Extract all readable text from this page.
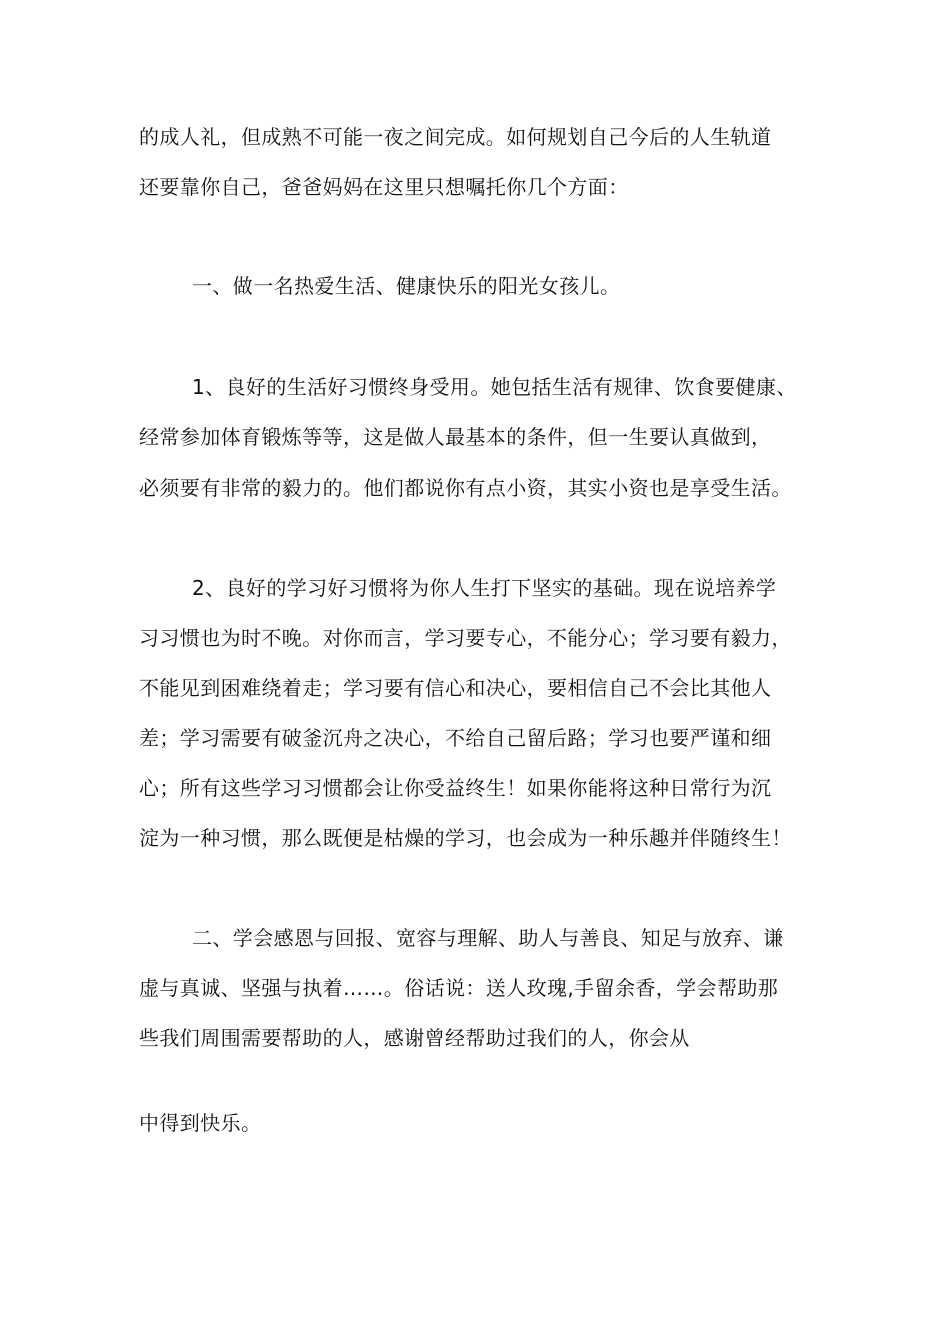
的成人礼，但成熟不可能一夜之间完成。如何规划自己今后的人生轨道
还要靠你自己，爸爸妈妈在这里只想嘱托你几个方面：
一、做一名热爱生活、健康快乐的阳光女孩儿。
1、良好的生活好习惯终身受用。她包括生活有规律、饮食要健康、
经常参加体育锻炼等等，这是做人最基本的条件，但一生要认真做到，
必须要有非常的毅力的。他们都说你有点小资，其实小资也是享受生活。
2、良好的学习好习惯将为你人生打下坚实的基础。现在说培养学
习习惯也为时不晚。对你而言，学习要专心，不能分心；学习要有毅力，
不能见到困难绕着走；学习要有信心和决心，要相信自己不会比其他人
差；学习需要有破釜沉舟之决心，不给自己留后路；学习也要严谨和细
心；所有这些学习习惯都会让你受益终生！如果你能将这种日常行为沉
淀为一种习惯，那么既便是枯燥的学习，也会成为一种乐趣并伴随终生！
二、学会感恩与回报、宽容与理解、助人与善良、知足与放弃、谦
虚与真诚、坚强与执着……。俗话说：送人玫瑰,手留余香，学会帮助那
些我们周围需要帮助的人，感谢曾经帮助过我们的人，你会从
中得到快乐。
